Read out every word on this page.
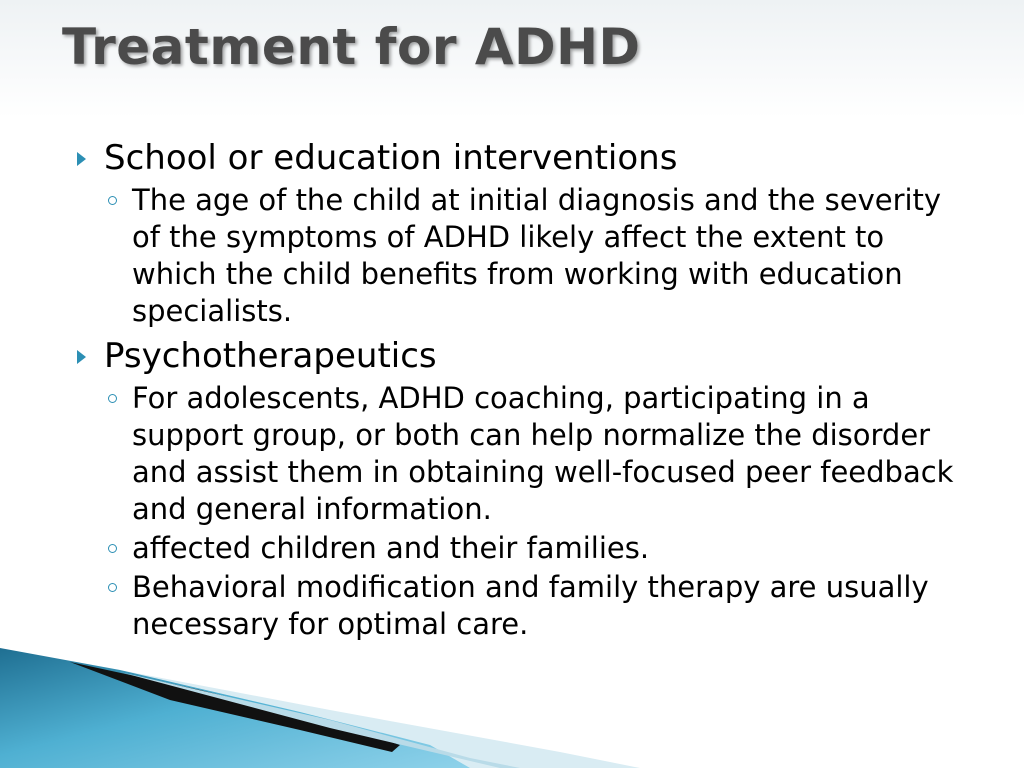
Treatment for ADHD
School or education interventions
The age of the child at initial diagnosis and the severity of the symptoms of ADHD likely affect the extent to which the child benefits from working with education specialists.
Psychotherapeutics
For adolescents, ADHD coaching, participating in a support group, or both can help normalize the disorder and assist them in obtaining well-focused peer feedback and general information.
affected children and their families.
Behavioral modification and family therapy are usually necessary for optimal care.
